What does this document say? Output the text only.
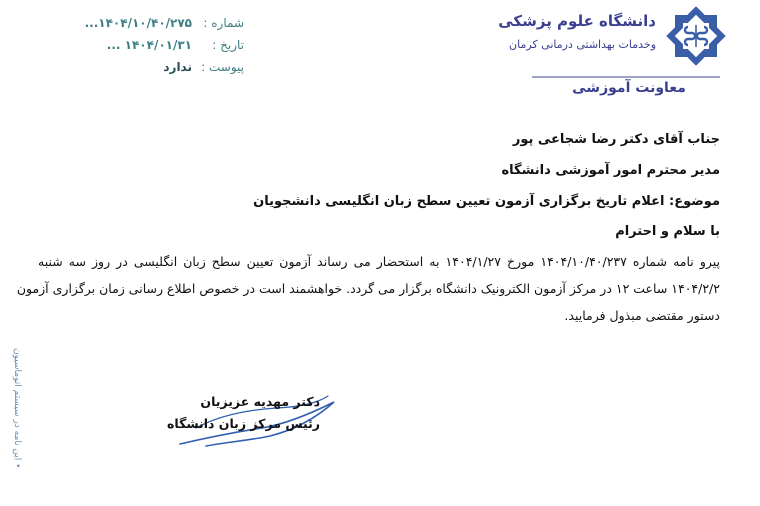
دانشگاه علوم پزشکی
وخدمات بهداشتی درمانی کرمان
معاونت آموزشی
شماره :
۱۴۰۴/۱۰/۴۰/۲۷۵...
تاریخ :
۱۴۰۴/۰۱/۳۱ ...
پیوست :
ندارد
جناب آقای دکتر رضا شجاعی پور
مدیر محترم امور آموزشی دانشگاه
موضوع: اعلام تاریخ برگزاری آزمون تعیین سطح زبان انگلیسی دانشجویان
با سلام و احترام
پیرو نامه شماره ۱۴۰۴/۱۰/۴۰/۲۳۷ مورخ ۱۴۰۴/۱/۲۷ به استحضار می رساند آزمون تعیین سطح زبان انگلیسی در روز سه شنبه
۱۴۰۴/۲/۲ ساعت ۱۲ در مرکز آزمون الکترونیک دانشگاه برگزار می گردد. خواهشمند است در خصوص اطلاع رسانی زمان برگزاری آزمون
دستور مقتضی مبذول فرمایید.
دکتر مهدیه عزیزیان
رئیس مرکز زبان دانشگاه
• این نامه در سیستم اتوماسیون
